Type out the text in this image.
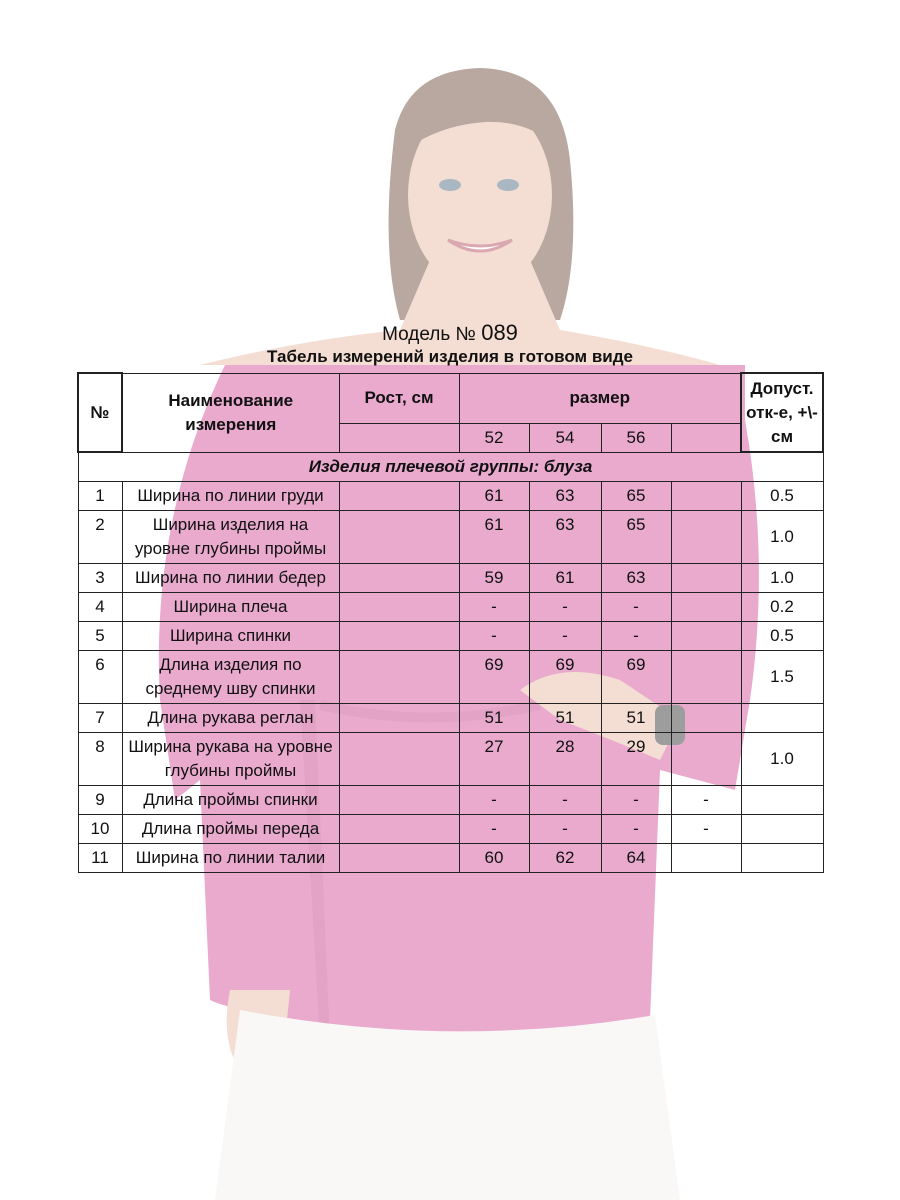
Модель № 089
Табель измерений изделия в готовом виде
№	Наименование измерения	Рост, см	размер				Допуст. отк-е, +\-см
			52	54	56		
Изделия плечевой группы: блуза							
1	Ширина по линии груди		61	63	65		0.5
2	Ширина изделия на уровне глубины проймы		61	63	65		1.0
3	Ширина по линии бедер		59	61	63		1.0
4	Ширина плеча		-	-	-		0.2
5	Ширина спинки		-	-	-		0.5
6	Длина изделия по среднему шву спинки		69	69	69		1.5
7	Длина рукава реглан		51	51	51		
8	Ширина рукава на уровне глубины проймы		27	28	29		1.0
9	Длина проймы спинки		-	-	-	-	
10	Длина проймы переда		-	-	-	-	
11	Ширина по линии талии		60	62	64		
